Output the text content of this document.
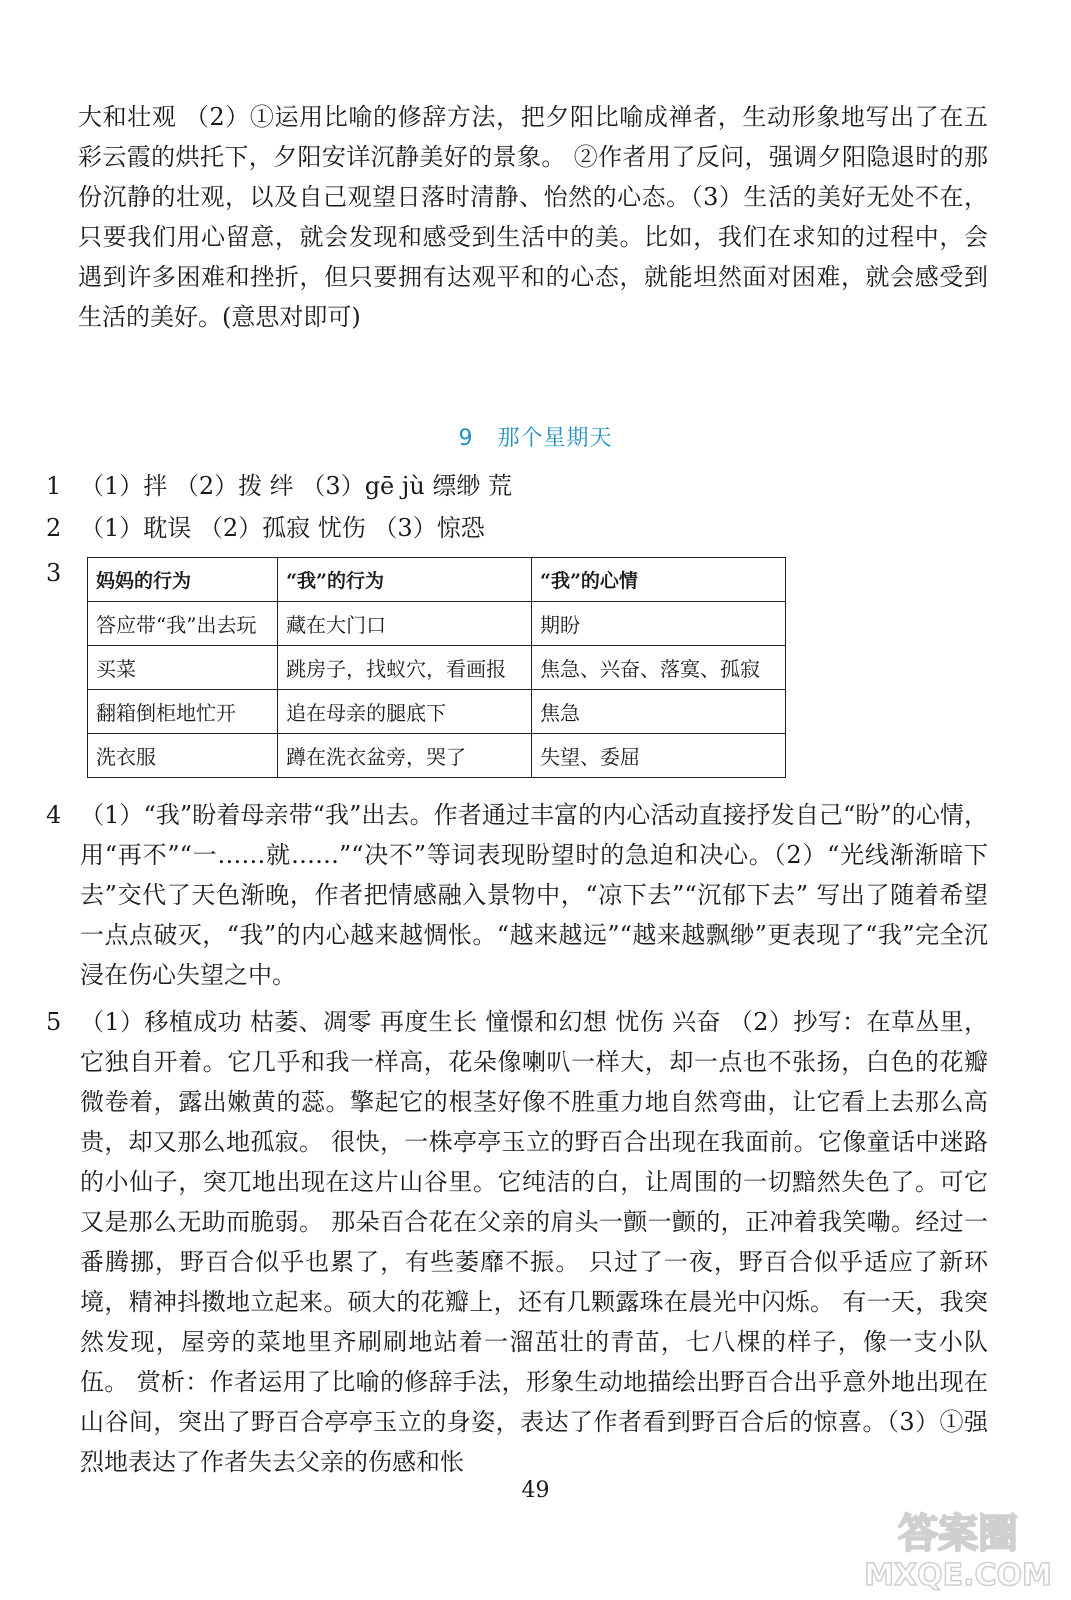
大和壮观 （2）①运用比喻的修辞方法，把夕阳比喻成禅者，生动形象地写出了在五彩云霞的烘托下，夕阳安详沉静美好的景象。 ②作者用了反问，强调夕阳隐退时的那份沉静的壮观，以及自己观望日落时清静、怡然的心态。（3）生活的美好无处不在，只要我们用心留意，就会发现和感受到生活中的美。比如，我们在求知的过程中，会遇到许多困难和挫折，但只要拥有达观平和的心态，就能坦然面对困难，就会感受到生活的美好。(意思对即可)

9 那个星期天
1 （1）拌 （2）拨 绊 （3）gē jù 缥缈 荒
2 （1）耽误 （2）孤寂 忧伤 （3）惊恐
3	妈妈的行为	“我”的行为	“我”的心情
答应带“我”出去玩	藏在大门口	期盼
买菜	跳房子，找蚁穴，看画报	焦急、兴奋、落寞、孤寂
翻箱倒柜地忙开	追在母亲的腿底下	焦急
洗衣服	蹲在洗衣盆旁，哭了	失望、委屈
4 （1）“我”盼着母亲带“我”出去。作者通过丰富的内心活动直接抒发自己“盼”的心情，用“再不”“一……就……”“决不”等词表现盼望时的急迫和决心。（2）“光线渐渐暗下去”交代了天色渐晚，作者把情感融入景物中，“凉下去”“沉郁下去” 写出了随着希望一点点破灭，“我”的内心越来越惆怅。“越来越远”“越来越飘缈”更表现了“我”完全沉浸在伤心失望之中。
5 （1）移植成功 枯萎、凋零 再度生长 憧憬和幻想 忧伤 兴奋 （2）抄写：在草丛里，它独自开着。它几乎和我一样高，花朵像喇叭一样大，却一点也不张扬，白色的花瓣微卷着，露出嫩黄的蕊。擎起它的根茎好像不胜重力地自然弯曲，让它看上去那么高贵，却又那么地孤寂。 很快，一株亭亭玉立的野百合出现在我面前。它像童话中迷路的小仙子，突兀地出现在这片山谷里。它纯洁的白，让周围的一切黯然失色了。可它又是那么无助而脆弱。 那朵百合花在父亲的肩头一颤一颤的，正冲着我笑嘞。经过一番腾挪，野百合似乎也累了，有些萎靡不振。 只过了一夜，野百合似乎适应了新环境，精神抖擞地立起来。硕大的花瓣上，还有几颗露珠在晨光中闪烁。 有一天，我突然发现，屋旁的菜地里齐刷刷地站着一溜茁壮的青苗，七八棵的样子，像一支小队伍。 赏析：作者运用了比喻的修辞手法，形象生动地描绘出野百合出乎意外地出现在山谷间，突出了野百合亭亭玉立的身姿，表达了作者看到野百合后的惊喜。（3）①强烈地表达了作者失去父亲的伤感和怅
49
答案圈
MXQE.COM
